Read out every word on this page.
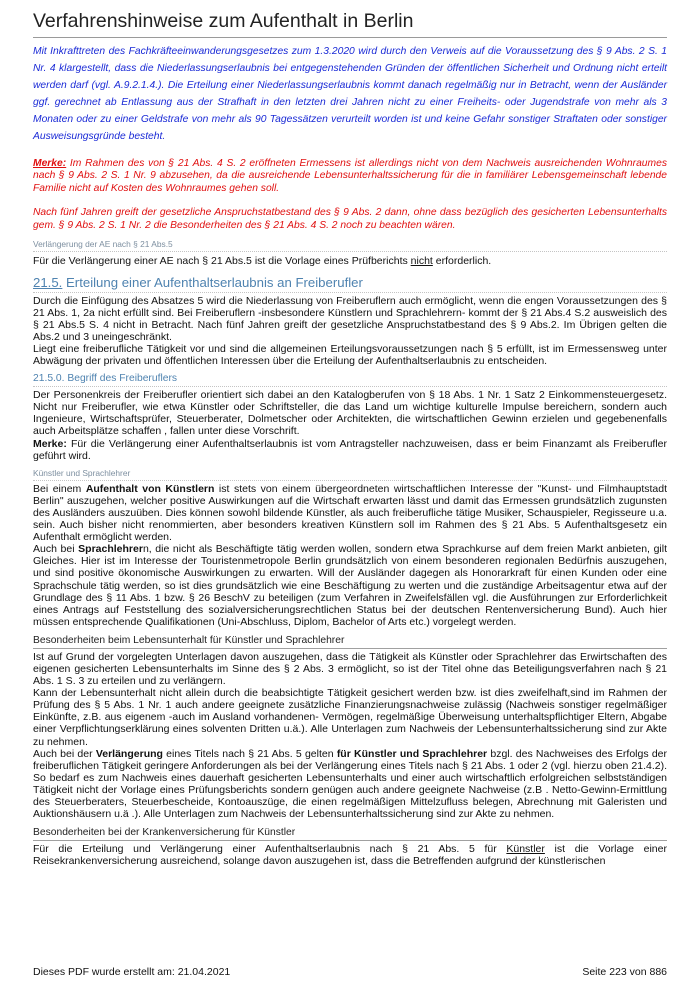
Verfahrenshinweise zum Aufenthalt in Berlin

Mit Inkrafttreten des Fachkräfteeinwanderungsgesetzes zum 1.3.2020 wird durch den Verweis auf die Voraussetzung des § 9 Abs. 2 S. 1 Nr. 4 klargestellt, dass die Niederlassungserlaubnis bei entgegenstehenden Gründen der öffentlichen Sicherheit und Ordnung nicht erteilt werden darf (vgl. A.9.2.1.4.). Die Erteilung einer Niederlassungserlaubnis kommt danach regelmäßig nur in Betracht, wenn der Ausländer ggf. gerechnet ab Entlassung aus der Strafhaft in den letzten drei Jahren nicht zu einer Freiheits- oder Jugendstrafe von mehr als 3 Monaten oder zu einer Geldstrafe von mehr als 90 Tagessätzen verurteilt worden ist und keine Gefahr sonstiger Straftaten oder sonstiger Ausweisungsgründe besteht.

Merke: Im Rahmen des von § 21 Abs. 4 S. 2 eröffneten Ermessens ist allerdings nicht von dem Nachweis ausreichenden Wohnraumes nach § 9 Abs. 2 S. 1 Nr. 9 abzusehen, da die ausreichende Lebensunterhaltssicherung für die in familiärer Lebensgemeinschaft lebende Familie nicht auf Kosten des Wohnraumes gehen soll.

Nach fünf Jahren greift der gesetzliche Anspruchstatbestand des § 9 Abs. 2 dann, ohne dass bezüglich des gesicherten Lebensunterhalts gem. § 9 Abs. 2 S. 1 Nr. 2 die Besonderheiten des § 21 Abs. 4 S. 2 noch zu beachten wären.

Verlängerung der AE nach § 21 Abs.5

Für die Verlängerung einer AE nach § 21 Abs.5 ist die Vorlage eines Prüfberichts nicht erforderlich.

21.5. Erteilung einer Aufenthaltserlaubnis an Freiberufler

Durch die Einfügung des Absatzes 5 wird die Niederlassung von Freiberuflern auch ermöglicht, wenn die engen Voraussetzungen des § 21 Abs. 1, 2a nicht erfüllt sind. Bei Freiberuflern -insbesondere Künstlern und Sprachlehrern- kommt der § 21 Abs.4 S.2 ausweislich des § 21 Abs.5 S. 4 nicht in Betracht. Nach fünf Jahren greift der gesetzliche Anspruchstatbestand des § 9 Abs.2. Im Übrigen gelten die Abs.2 und 3 uneingeschränkt.

Liegt eine freiberufliche Tätigkeit vor und sind die allgemeinen Erteilungsvoraussetzungen nach § 5 erfüllt, ist im Ermessensweg unter Abwägung der privaten und öffentlichen Interessen über die Erteilung der Aufenthaltserlaubnis zu entscheiden.

21.5.0. Begriff des Freiberuflers

Der Personenkreis der Freiberufler orientiert sich dabei an den Katalogberufen von § 18 Abs. 1 Nr. 1 Satz 2 Einkommensteuergesetz. Nicht nur Freiberufler, wie etwa Künstler oder Schriftsteller, die das Land um wichtige kulturelle Impulse bereichern, sondern auch Ingenieure, Wirtschaftsprüfer, Steuerberater, Dolmetscher oder Architekten, die wirtschaftlichen Gewinn erzielen und gegebenenfalls auch Arbeitsplätze schaffen , fallen unter diese Vorschrift.

Merke: Für die Verlängerung einer Aufenthaltserlaubnis ist vom Antragsteller nachzuweisen, dass er beim Finanzamt als Freiberufler geführt wird.

Künstler und Sprachlehrer

Bei einem Aufenthalt von Künstlern ist stets von einem übergeordneten wirtschaftlichen Interesse der "Kunst- und Filmhauptstadt Berlin" auszugehen, welcher positive Auswirkungen auf die Wirtschaft erwarten lässt und damit das Ermessen grundsätzlich zugunsten des Ausländers auszuüben. Dies können sowohl bildende Künstler, als auch freiberufliche tätige Musiker, Schauspieler, Regisseure u.a. sein. Auch bisher nicht renommierten, aber besonders kreativen Künstlern soll im Rahmen des § 21 Abs. 5 Aufenthaltsgesetz ein Aufenthalt ermöglicht werden.

Auch bei Sprachlehrern, die nicht als Beschäftigte tätig werden wollen, sondern etwa Sprachkurse auf dem freien Markt anbieten, gilt Gleiches. Hier ist im Interesse der Touristenmetropole Berlin grundsätzlich von einem besonderen regionalen Bedürfnis auszugehen, und sind positive ökonomische Auswirkungen zu erwarten. Will der Ausländer dagegen als Honorarkraft für einen Kunden oder eine Sprachschule tätig werden, so ist dies grundsätzlich wie eine Beschäftigung zu werten und die zuständige Arbeitsagentur etwa auf der Grundlage des § 11 Abs. 1 bzw. § 26 BeschV zu beteiligen (zum Verfahren in Zweifelsfällen vgl. die Ausführungen zur Erforderlichkeit eines Antrags auf Feststellung des sozialversicherungsrechtlichen Status bei der deutschen Rentenversicherung Bund). Auch hier müssen entsprechende Qualifikationen (Uni-Abschluss, Diplom, Bachelor of Arts etc.) vorgelegt werden.

Besonderheiten beim Lebensunterhalt für Künstler und Sprachlehrer

Ist auf Grund der vorgelegten Unterlagen davon auszugehen, dass die Tätigkeit als Künstler oder Sprachlehrer das Erwirtschaften des eigenen gesicherten Lebensunterhalts im Sinne des § 2 Abs. 3 ermöglicht, so ist der Titel ohne das Beteiligungsverfahren nach § 21 Abs. 1 S. 3 zu erteilen und zu verlängern.

Kann der Lebensunterhalt nicht allein durch die beabsichtigte Tätigkeit gesichert werden bzw. ist dies zweifelhaft,sind im Rahmen der Prüfung des § 5 Abs. 1 Nr. 1 auch andere geeignete zusätzliche Finanzierungsnachweise zulässig (Nachweis sonstiger regelmäßiger Einkünfte, z.B. aus eigenem -auch im Ausland vorhandenen- Vermögen, regelmäßige Überweisung unterhaltspflichtiger Eltern, Abgabe einer Verpflichtungserklärung eines solventen Dritten u.ä.). Alle Unterlagen zum Nachweis der Lebensunterhaltssicherung sind zur Akte zu nehmen.

Auch bei der Verlängerung eines Titels nach § 21 Abs. 5 gelten für Künstler und Sprachlehrer bzgl. des Nachweises des Erfolgs der freiberuflichen Tätigkeit geringere Anforderungen als bei der Verlängerung eines Titels nach § 21 Abs. 1 oder 2 (vgl. hierzu oben 21.4.2). So bedarf es zum Nachweis eines dauerhaft gesicherten Lebensunterhalts und einer auch wirtschaftlich erfolgreichen selbstständigen Tätigkeit nicht der Vorlage eines Prüfungsberichts sondern genügen auch andere geeignete Nachweise (z.B . Netto-Gewinn-Ermittlung des Steuerberaters, Steuerbescheide, Kontoauszüge, die einen regelmäßigen Mittelzufluss belegen, Abrechnung mit Galeristen und Auktionshäusern u.ä .). Alle Unterlagen zum Nachweis der Lebensunterhaltssicherung sind zur Akte zu nehmen.

Besonderheiten bei der Krankenversicherung für Künstler

Für die Erteilung und Verlängerung einer Aufenthaltserlaubnis nach § 21 Abs. 5 für Künstler ist die Vorlage einer Reisekrankenversicherung ausreichend, solange davon auszugehen ist, dass die Betreffenden aufgrund der künstlerischen

Dieses PDF wurde erstellt am: 21.04.2021	Seite 223 von 886
